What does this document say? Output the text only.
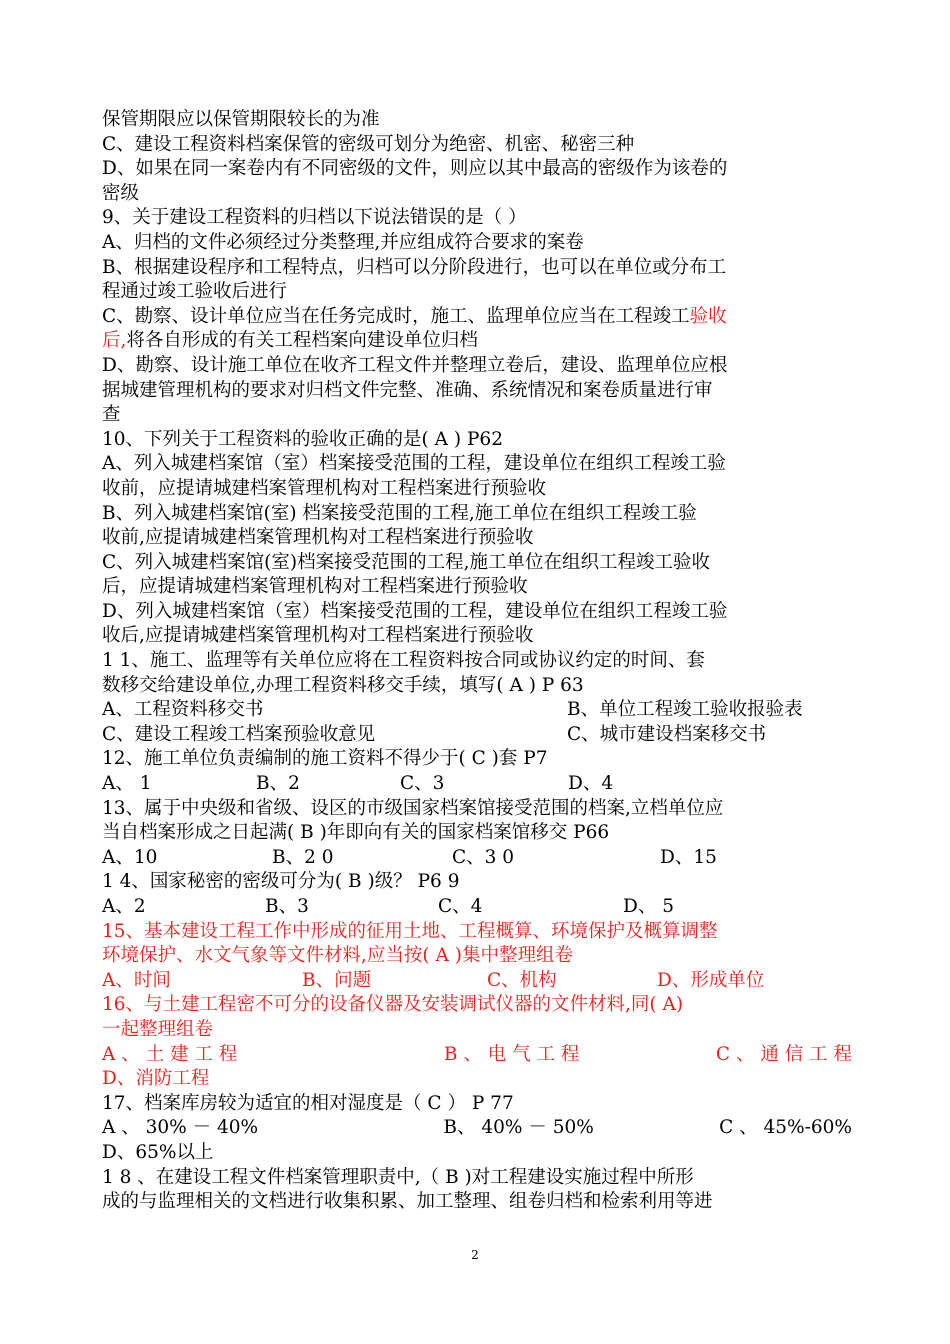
保管期限应以保管期限较长的为准
C、建设工程资料档案保管的密级可划分为绝密、机密、秘密三种
D、如果在同一案卷内有不同密级的文件，则应以其中最高的密级作为该卷的
密级
9、关于建设工程资料的归档以下说法错误的是（ ）
A、归档的文件必须经过分类整理,并应组成符合要求的案卷
B、根据建设程序和工程特点，归档可以分阶段进行，也可以在单位或分布工
程通过竣工验收后进行
C、勘察、设计单位应当在任务完成时，施工、监理单位应当在工程竣工验收
后,将各自形成的有关工程档案向建设单位归档
D、勘察、设计施工单位在收齐工程文件并整理立卷后，建设、监理单位应根
据城建管理机构的要求对归档文件完整、准确、系统情况和案卷质量进行审
查
10、下列关于工程资料的验收正确的是( A ) P62
A、列入城建档案馆（室）档案接受范围的工程，建设单位在组织工程竣工验
收前，应提请城建档案管理机构对工程档案进行预验收
B、列入城建档案馆(室) 档案接受范围的工程,施工单位在组织工程竣工验
收前,应提请城建档案管理机构对工程档案进行预验收
C、列入城建档案馆(室)档案接受范围的工程,施工单位在组织工程竣工验收
后，应提请城建档案管理机构对工程档案进行预验收
D、列入城建档案馆（室）档案接受范围的工程，建设单位在组织工程竣工验
收后,应提请城建档案管理机构对工程档案进行预验收
1 1、施工、监理等有关单位应将在工程资料按合同或协议约定的时间、套
数移交给建设单位,办理工程资料移交手续，填写( A ) P 63
A、工程资料移交书	B、单位工程竣工验收报验表
C、建设工程竣工档案预验收意见	C、城市建设档案移交书
12、施工单位负责编制的施工资料不得少于( C )套 P7
A、 1	B、2	C、3	D、4
13、属于中央级和省级、设区的市级国家档案馆接受范围的档案,立档单位应
当自档案形成之日起满( B )年即向有关的国家档案馆移交 P66
A、10	B、2 0	C、3 0	D、15
1 4、国家秘密的密级可分为( B )级？ P6 9
A、2	B、3	C、4	D、 5
15、基本建设工程工作中形成的征用土地、工程概算、环境保护及概算调整
环境保护、水文气象等文件材料,应当按( A )集中整理组卷
A、时间	B、问题	C、机构	D、形成单位
16、与土建工程密不可分的设备仪器及安装调试仪器的文件材料,同( A)
一起整理组卷
A 、 土 建 工 程	B 、 电 气 工 程	C 、 通 信 工 程
D、消防工程
17、档案库房较为适宜的相对湿度是（ C ） P 77
A 、 30% － 40%	B、 40% － 50%	C 、 45%-60%
D、65%以上
1 8 、在建设工程文件档案管理职责中,（ B )对工程建设实施过程中所形
成的与监理相关的文档进行收集积累、加工整理、组卷归档和检索利用等进
2
